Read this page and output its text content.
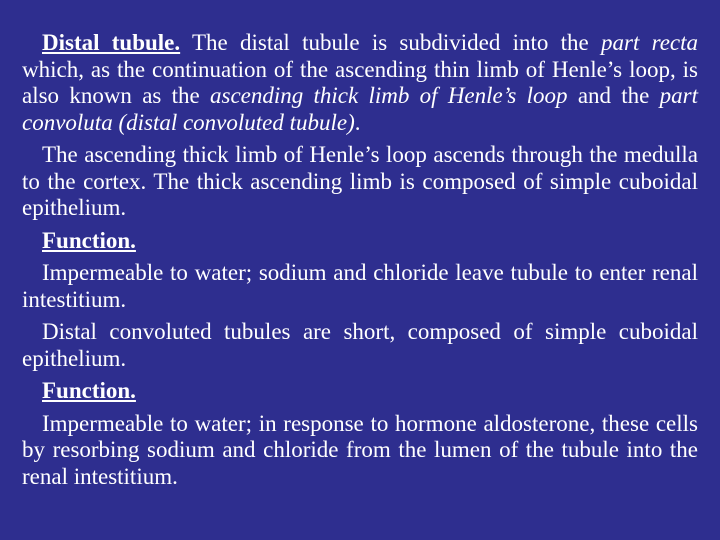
Distal tubule. The distal tubule is subdivided into the part recta which, as the continuation of the ascending thin limb of Henle’s loop, is also known as the ascending thick limb of Henle’s loop and the part convoluta (distal convoluted tubule).

The ascending thick limb of Henle’s loop ascends through the medulla to the cortex. The thick ascending limb is composed of simple cuboidal epithelium.

Function.

Impermeable to water; sodium and chloride leave tubule to enter renal intestitium.

Distal convoluted tubules are short, composed of simple cuboidal epithelium.

Function.

Impermeable to water; in response to hormone aldosterone, these cells by resorbing sodium and chloride from the lumen of the tubule into the renal intestitium.
